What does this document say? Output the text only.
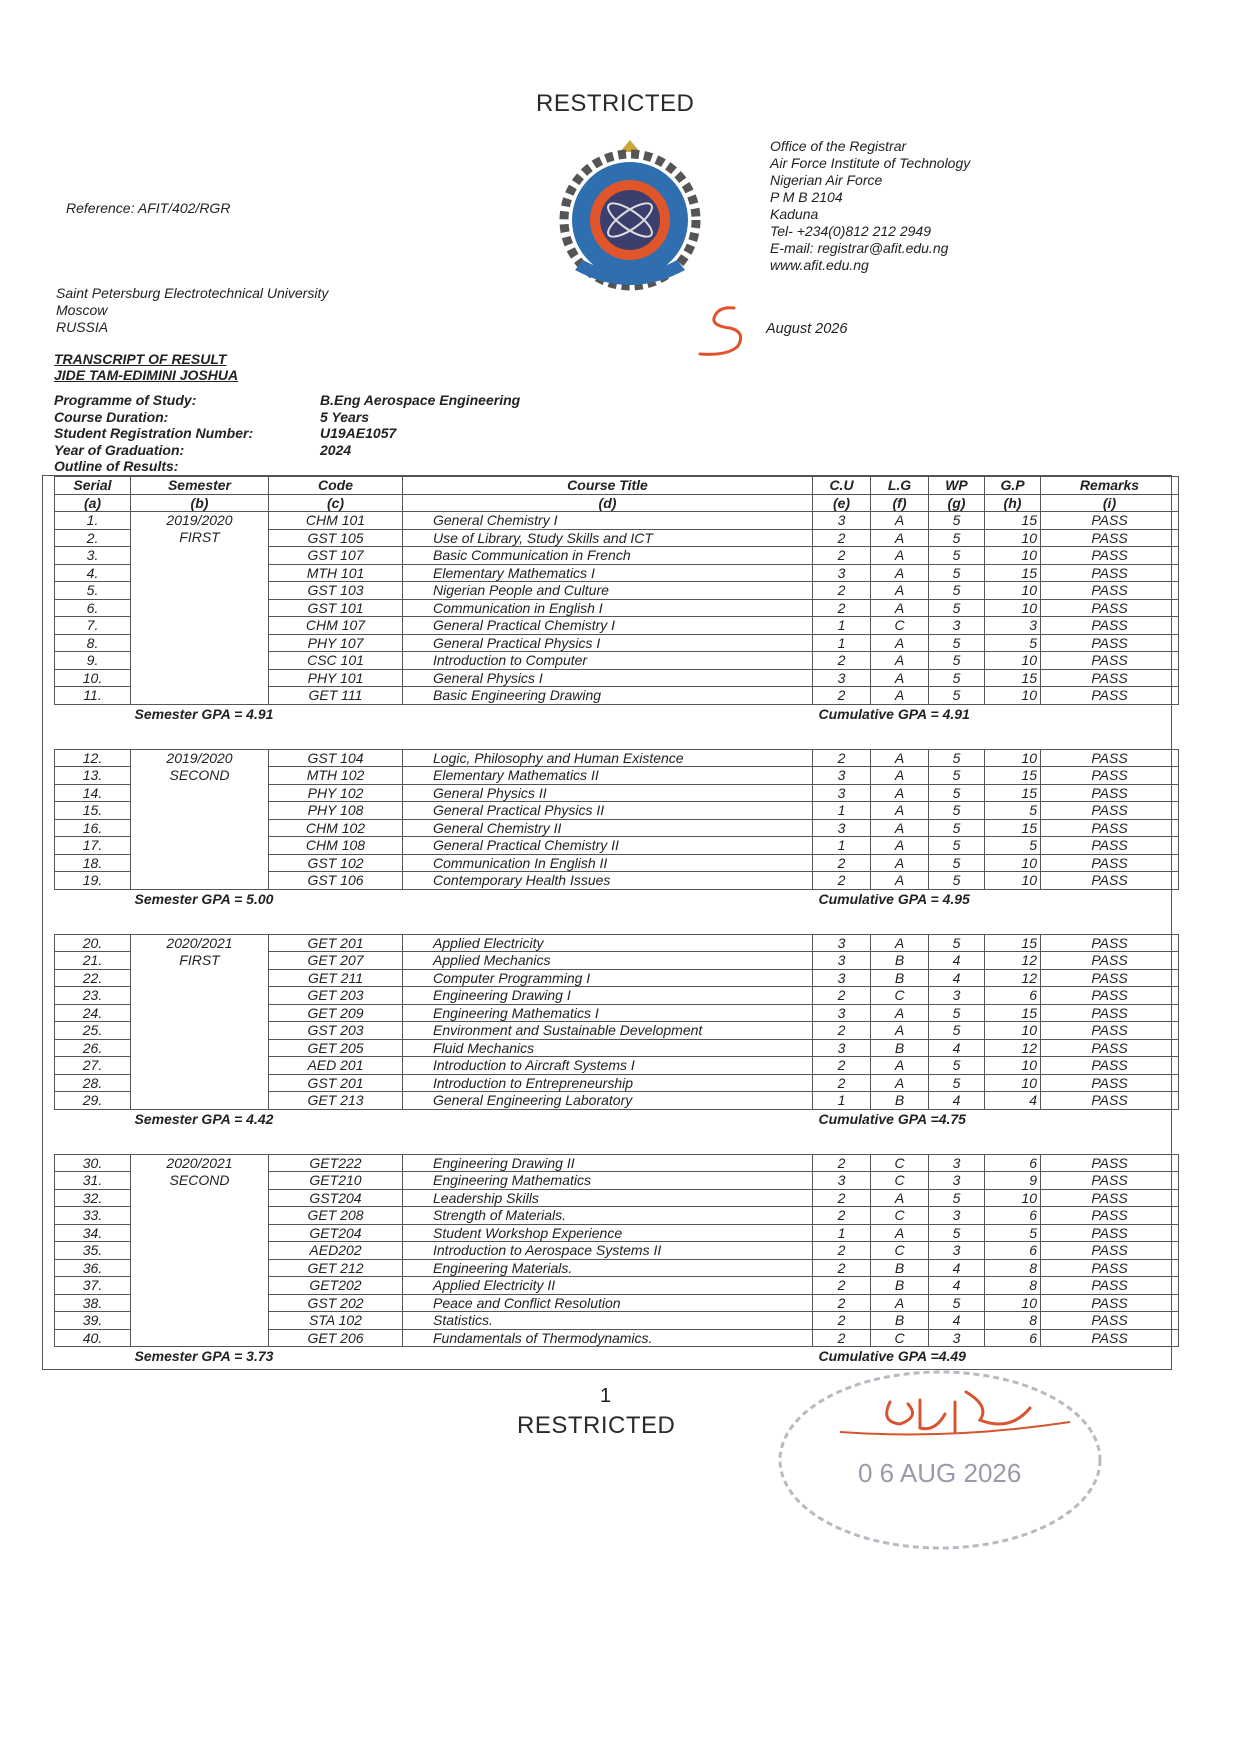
RESTRICTED
Reference: AFIT/402/RGR
Office of the Registrar
Air Force Institute of Technology
Nigerian Air Force
P M B 2104
Kaduna
Tel- +234(0)812 212 2949
E-mail: registrar@afit.edu.ng
www.afit.edu.ng
Saint Petersburg Electrotechnical University
Moscow
RUSSIA	August 2026
TRANSCRIPT OF RESULT
JIDE TAM-EDIMINI JOSHUA
Programme of Study:	B.Eng Aerospace Engineering
Course Duration:	5 Years
Student Registration Number:	U19AE1057
Year of Graduation:	2024
Outline of Results:
Serial	Semester	Code	Course Title	C.U	L.G	WP	G.P	Remarks
(a)	(b)	(c)	(d)	(e)	(f)	(g)	(h)	(i)
1.	2019/2020	CHM 101	General Chemistry I	3	A	5	15	PASS
2.	FIRST	GST 105	Use of Library, Study Skills and ICT	2	A	5	10	PASS
3.		GST 107	Basic Communication in French	2	A	5	10	PASS
4.		MTH 101	Elementary Mathematics I	3	A	5	15	PASS
5.		GST 103	Nigerian People and Culture	2	A	5	10	PASS
6.		GST 101	Communication in English I	2	A	5	10	PASS
7.		CHM 107	General Practical Chemistry I	1	C	3	3	PASS
8.		PHY 107	General Practical Physics I	1	A	5	5	PASS
9.		CSC 101	Introduction to Computer	2	A	5	10	PASS
10.		PHY 101	General Physics I	3	A	5	15	PASS
11.		GET 111	Basic Engineering Drawing	2	A	5	10	PASS
Semester GPA = 4.91				Cumulative GPA = 4.91				

12.	2019/2020	GST 104	Logic, Philosophy and Human Existence	2	A	5	10	PASS
13.	SECOND	MTH 102	Elementary Mathematics II	3	A	5	15	PASS
14.		PHY 102	General Physics II	3	A	5	15	PASS
15.		PHY 108	General Practical Physics II	1	A	5	5	PASS
16.		CHM 102	General Chemistry II	3	A	5	15	PASS
17.		CHM 108	General Practical Chemistry II	1	A	5	5	PASS
18.		GST 102	Communication In English II	2	A	5	10	PASS
19.		GST 106	Contemporary Health Issues	2	A	5	10	PASS
Semester GPA = 5.00				Cumulative GPA = 4.95				

20.	2020/2021	GET 201	Applied Electricity	3	A	5	15	PASS
21.	FIRST	GET 207	Applied Mechanics	3	B	4	12	PASS
22.		GET 211	Computer Programming I	3	B	4	12	PASS
23.		GET 203	Engineering Drawing I	2	C	3	6	PASS
24.		GET 209	Engineering Mathematics I	3	A	5	15	PASS
25.		GST 203	Environment and Sustainable Development	2	A	5	10	PASS
26.		GET 205	Fluid Mechanics	3	B	4	12	PASS
27.		AED 201	Introduction to Aircraft Systems I	2	A	5	10	PASS
28.		GST 201	Introduction to Entrepreneurship	2	A	5	10	PASS
29.		GET 213	General Engineering Laboratory	1	B	4	4	PASS
Semester GPA = 4.42				Cumulative GPA =4.75				

30.	2020/2021	GET222	Engineering Drawing II	2	C	3	6	PASS
31.	SECOND	GET210	Engineering Mathematics	3	C	3	9	PASS
32.		GST204	Leadership Skills	2	A	5	10	PASS
33.		GET 208	Strength of Materials.	2	C	3	6	PASS
34.		GET204	Student Workshop Experience	1	A	5	5	PASS
35.		AED202	Introduction to Aerospace Systems II	2	C	3	6	PASS
36.		GET 212	Engineering Materials.	2	B	4	8	PASS
37.		GET202	Applied Electricity II	2	B	4	8	PASS
38.		GST 202	Peace and Conflict Resolution	2	A	5	10	PASS
39.		STA 102	Statistics.	2	B	4	8	PASS
40.		GET 206	Fundamentals of Thermodynamics.	2	C	3	6	PASS
Semester GPA = 3.73				Cumulative GPA =4.49				
1
RESTRICTED
0 6 AUG 2026
